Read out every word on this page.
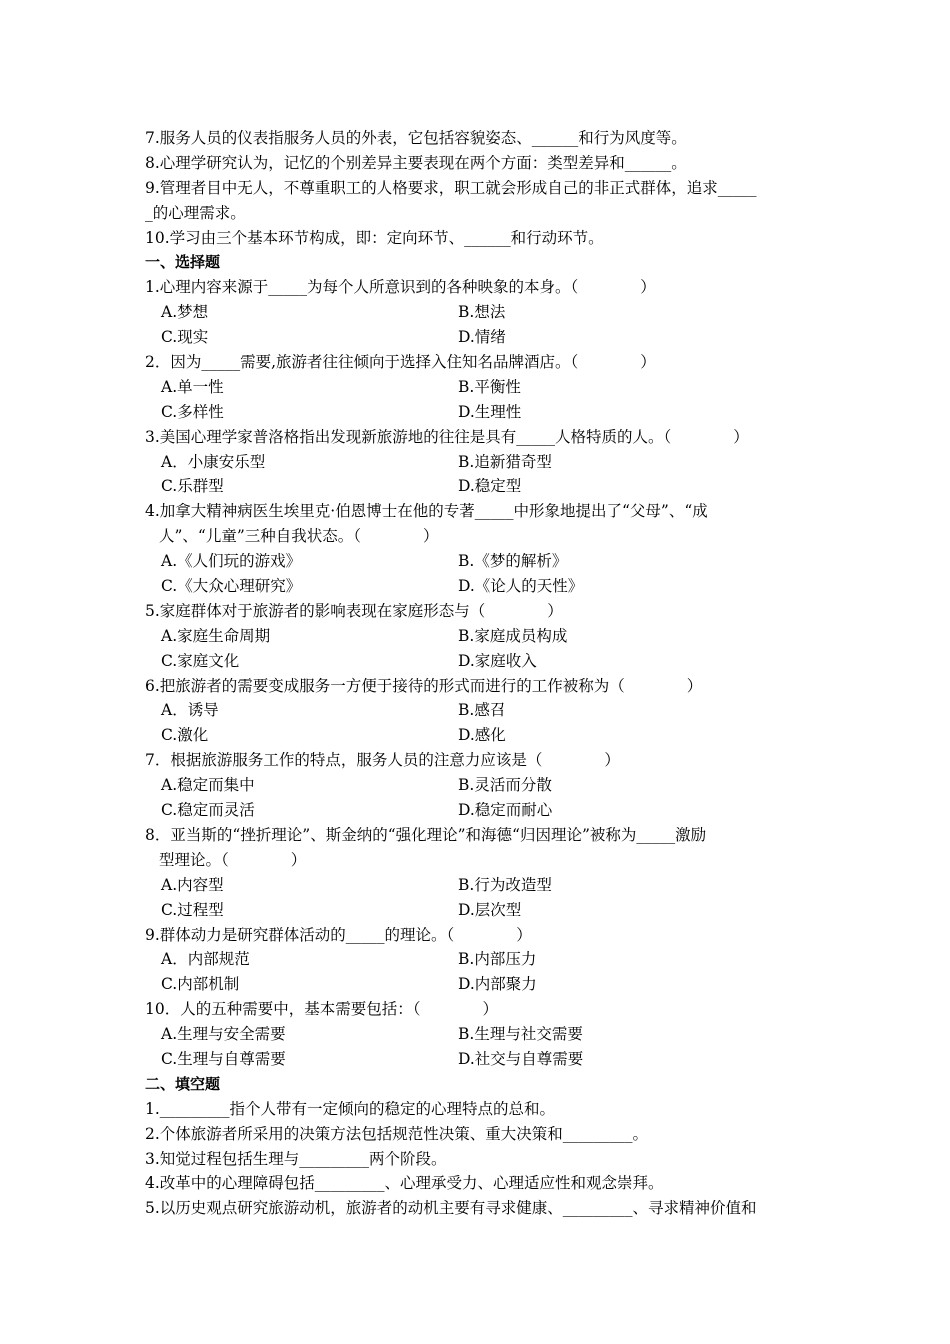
7.服务人员的仪表指服务人员的外表，它包括容貌姿态、______和行为风度等。
8.心理学研究认为，记忆的个别差异主要表现在两个方面：类型差异和______。
9.管理者目中无人，不尊重职工的人格要求，职工就会形成自己的非正式群体，追求_____
_的心理需求。
10.学习由三个基本环节构成，即：定向环节、______和行动环节。
一、选择题
1.心理内容来源于_____为每个人所意识到的各种映象的本身。（　　　　）
A.梦想	B.想法
C.现实	D.情绪
2．因为_____需要,旅游者往往倾向于选择入住知名品牌酒店。（　　　　）
A.单一性	B.平衡性
C.多样性	D.生理性
3.美国心理学家普洛格指出发现新旅游地的往往是具有_____人格特质的人。（　　　　）
A．小康安乐型	B.追新猎奇型
C.乐群型	D.稳定型
4.加拿大精神病医生埃里克·伯恩博士在他的专著_____中形象地提出了“父母”、“成
人”、“儿童”三种自我状态。（　　　　）
A.《人们玩的游戏》	B.《梦的解析》
C.《大众心理研究》	D.《论人的天性》
5.家庭群体对于旅游者的影响表现在家庭形态与（　　　　）
A.家庭生命周期	B.家庭成员构成
C.家庭文化	D.家庭收入
6.把旅游者的需要变成服务一方便于接待的形式而进行的工作被称为（　　　　）
A．诱导	B.感召
C.激化	D.感化
7．根据旅游服务工作的特点，服务人员的注意力应该是（　　　　）
A.稳定而集中	B.灵活而分散
C.稳定而灵活	D.稳定而耐心
8．亚当斯的“挫折理论”、斯金纳的“强化理论”和海德“归因理论”被称为_____激励
型理论。（　　　　）
A.内容型	B.行为改造型
C.过程型	D.层次型
9.群体动力是研究群体活动的_____的理论。（　　　　）
A．内部规范	B.内部压力
C.内部机制	D.内部聚力
10．人的五种需要中，基本需要包括：（　　　　）
A.生理与安全需要	B.生理与社交需要
C.生理与自尊需要	D.社交与自尊需要
二、填空题
1._________指个人带有一定倾向的稳定的心理特点的总和。
2.个体旅游者所采用的决策方法包括规范性决策、重大决策和_________。
3.知觉过程包括生理与_________两个阶段。
4.改革中的心理障碍包括_________、心理承受力、心理适应性和观念崇拜。
5.以历史观点研究旅游动机，旅游者的动机主要有寻求健康、_________、寻求精神价值和
